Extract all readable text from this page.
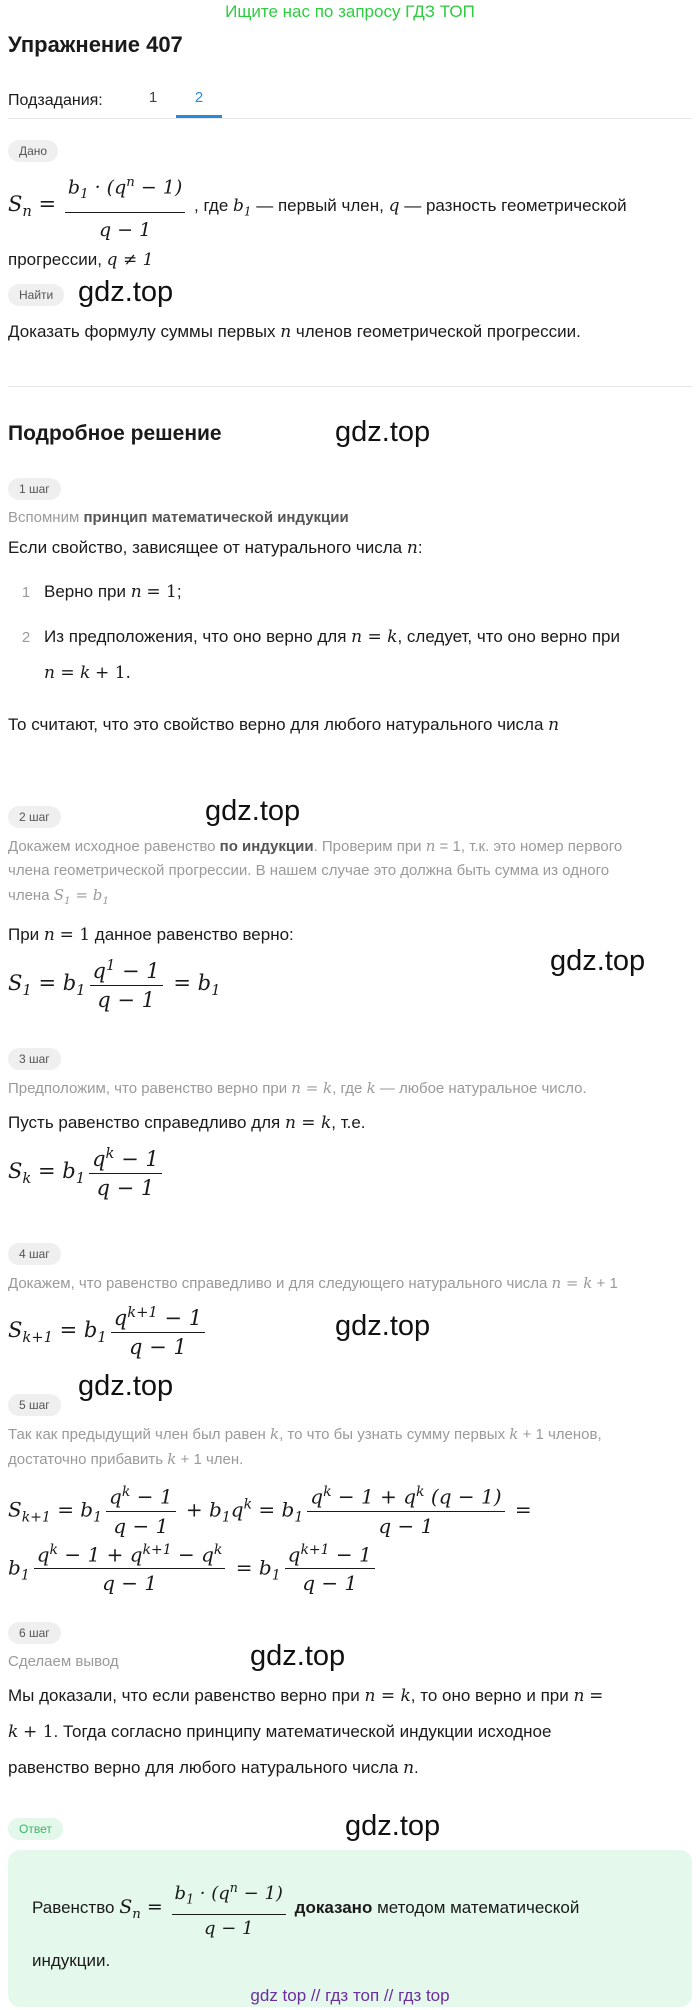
Ищите нас по запросу ГДЗ ТОП
Упражнение 407
Подзадания:	1	2
Дано
$S_n = \frac{b_1 \cdot (q^n - 1)}{q - 1}$ , где $b_1$ — первый член, q — разность геометрической
прогрессии, q ≠ 1
Найти
Доказать формулу суммы первых n членов геометрической прогрессии.
Подробное решение
1 шаг
Вспомним принцип математической индукции
Если свойство, зависящее от натурального числа n:
1 Верно при n = 1;
2 Из предположения, что оно верно для n = k, следует, что оно верно при
n = k + 1.
То считают, что это свойство верно для любого натурального числа n
2 шаг
Докажем исходное равенство по индукции. Проверим при n = 1, т.к. это номер первого
члена геометрической прогрессии. В нашем случае это должна быть сумма из одного
члена $S_1 = b_1$
При n = 1 данное равенство верно:
$S_1 = b_1 \frac{q^1 - 1}{q - 1} = b_1$
3 шаг
Предположим, что равенство верно при n = k, где k — любое натуральное число.
Пусть равенство справедливо для n = k, т.е.
$S_k = b_1 \frac{q^k - 1}{q - 1}$
4 шаг
Докажем, что равенство справедливо и для следующего натурального числа n = k + 1
$S_{k+1} = b_1 \frac{q^{k+1} - 1}{q - 1}$
5 шаг
Так как предыдущий член был равен k, то что бы узнать сумму первых k + 1 членов,
достаточно прибавить k + 1 член.
$S_{k+1} = b_1 \frac{q^k - 1}{q - 1} + b_1q^k = b_1 \frac{q^k - 1 + q^k (q - 1)}{q - 1}$ =
$b_1 \frac{q^k - 1 + q^{k+1} - q^k}{q - 1} = b_1 \frac{q^{k+1} - 1}{q - 1}$
6 шаг
Сделаем вывод
Мы доказали, что если равенство верно при n = k, то оно верно и при n =
k + 1. Тогда согласно принципу математической индукции исходное
равенство верно для любого натурального числа n.
Ответ
Равенство $S_n = \frac{b_1 \cdot (q^n - 1)}{q - 1}$ доказано методом математической
индукции.
gdz.top
gdz.top
gdz.top
gdz.top
gdz.top
gdz.top
gdz.top
gdz.top
gdz top // гдз топ // гдз top
